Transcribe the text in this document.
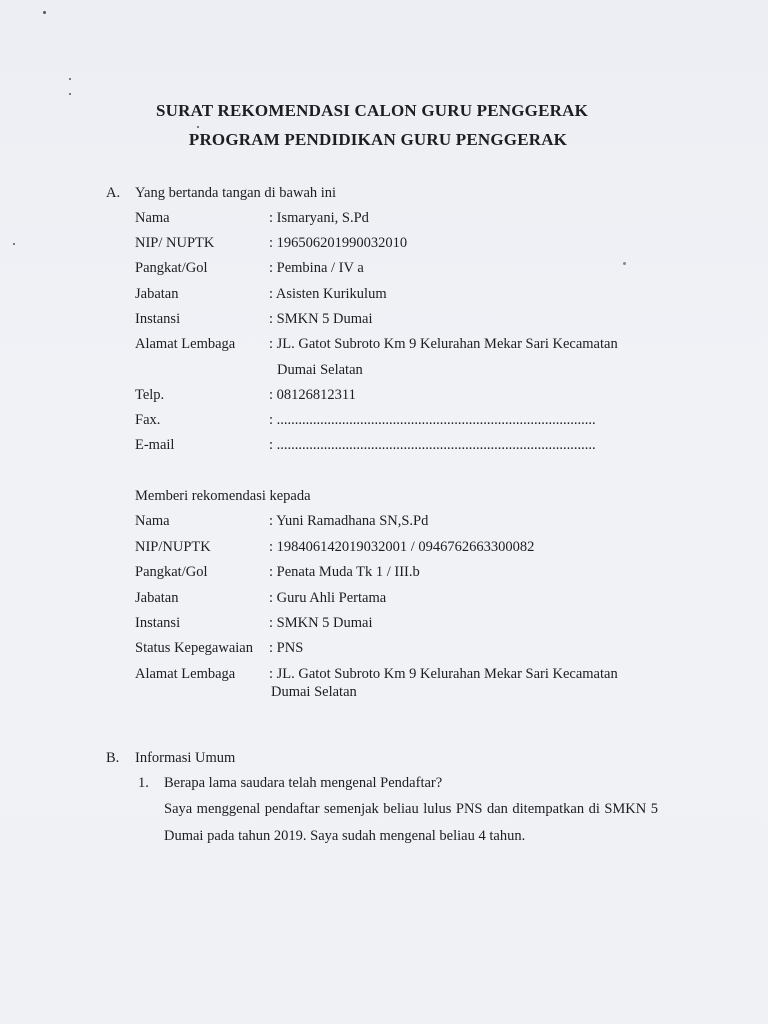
SURAT REKOMENDASI CALON GURU PENGGERAK
PROGRAM PENDIDIKAN GURU PENGGERAK
A. Yang bertanda tangan di bawah ini
Nama	: Ismaryani, S.Pd
NIP/ NUPTK	: 196506201990032010
Pangkat/Gol	: Pembina / IV a
Jabatan	: Asisten Kurikulum
Instansi	: SMKN 5 Dumai
Alamat Lembaga : JL. Gatot Subroto Km 9 Kelurahan Mekar Sari Kecamatan
Dumai Selatan
Telp.	: 08126812311
Fax.	: ........................................................................................
E-mail	: ........................................................................................
Memberi rekomendasi kepada
Nama	: Yuni Ramadhana SN,S.Pd
NIP/NUPTK	: 198406142019032001 / 0946762663300082
Pangkat/Gol	: Penata Muda Tk 1 / III.b
Jabatan	: Guru Ahli Pertama
Instansi	: SMKN 5 Dumai
Status Kepegawaian : PNS
Alamat Lembaga : JL. Gatot Subroto Km 9 Kelurahan Mekar Sari Kecamatan
Dumai Selatan
B. Informasi Umum
1. Berapa lama saudara telah mengenal Pendaftar?
Saya menggenal pendaftar semenjak beliau lulus PNS dan ditempatkan di SMKN 5 Dumai pada tahun 2019. Saya sudah mengenal beliau 4 tahun.
